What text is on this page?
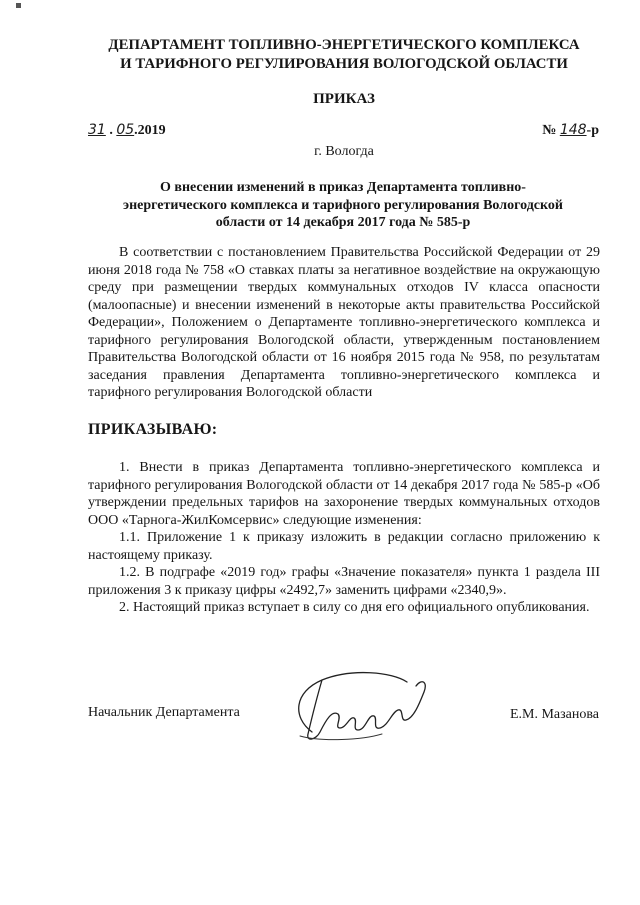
ДЕПАРТАМЕНТ ТОПЛИВНО-ЭНЕРГЕТИЧЕСКОГО КОМПЛЕКСА
И ТАРИФНОГО РЕГУЛИРОВАНИЯ ВОЛОГОДСКОЙ ОБЛАСТИ
ПРИКАЗ
31 . 05.2019	№ 148-р
г. Вологда
О внесении изменений в приказ Департамента топливно-
энергетического комплекса и тарифного регулирования Вологодской
области от 14 декабря 2017 года № 585-р

В соответствии с постановлением Правительства Российской Федерации от 29 июня 2018 года № 758 «О ставках платы за негативное воздействие на окружающую среду при размещении твердых коммунальных отходов IV класса опасности (малоопасные) и внесении изменений в некоторые акты правительства Российской Федерации», Положением о Департаменте топливно-энергетического комплекса и тарифного регулирования Вологодской области, утвержденным постановлением Правительства Вологодской области от 16 ноября 2015 года № 958, по результатам заседания правления Департамента топливно-энергетического комплекса и тарифного регулирования Вологодской области

ПРИКАЗЫВАЮ:

1. Внести в приказ Департамента топливно-энергетического комплекса и тарифного регулирования Вологодской области от 14 декабря 2017 года № 585-р «Об утверждении предельных тарифов на захоронение твердых коммунальных отходов ООО «Тарнога-ЖилКомсервис» следующие изменения:

1.1. Приложение 1 к приказу изложить в редакции согласно приложению к настоящему приказу.

1.2. В подграфе «2019 год» графы «Значение показателя» пункта 1 раздела III приложения 3 к приказу цифры «2492,7» заменить цифрами «2340,9».

2. Настоящий приказ вступает в силу со дня его официального опубликования.

Начальник Департамента	Е.М. Мазанова
